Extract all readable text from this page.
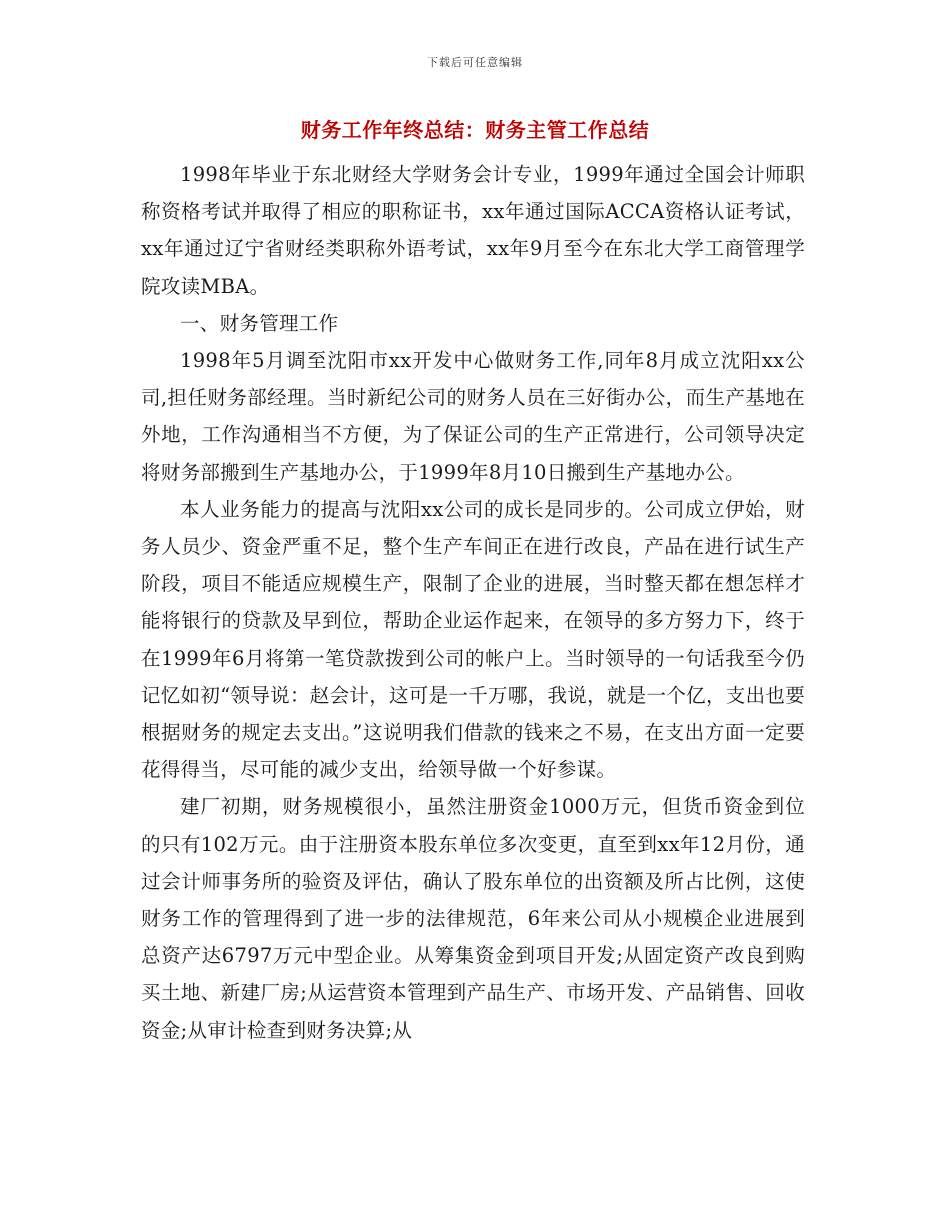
下载后可任意编辑
财务工作年终总结：财务主管工作总结

1998年毕业于东北财经大学财务会计专业，1999年通过全国会计师职称资格考试并取得了相应的职称证书，xx年通过国际ACCA资格认证考试，xx年通过辽宁省财经类职称外语考试，xx年9月至今在东北大学工商管理学院攻读MBA。

一、财务管理工作

1998年5月调至沈阳市xx开发中心做财务工作,同年8月成立沈阳xx公司,担任财务部经理。当时新纪公司的财务人员在三好街办公，而生产基地在外地，工作沟通相当不方便，为了保证公司的生产正常进行，公司领导决定将财务部搬到生产基地办公，于1999年8月10日搬到生产基地办公。

本人业务能力的提高与沈阳xx公司的成长是同步的。公司成立伊始，财务人员少、资金严重不足，整个生产车间正在进行改良，产品在进行试生产阶段，项目不能适应规模生产，限制了企业的进展，当时整天都在想怎样才能将银行的贷款及早到位，帮助企业运作起来，在领导的多方努力下，终于在1999年6月将第一笔贷款拨到公司的帐户上。当时领导的一句话我至今仍记忆如初“领导说：赵会计，这可是一千万哪，我说，就是一个亿，支出也要根据财务的规定去支出。”这说明我们借款的钱来之不易，在支出方面一定要花得得当，尽可能的减少支出，给领导做一个好参谋。

建厂初期，财务规模很小，虽然注册资金1000万元，但货币资金到位的只有102万元。由于注册资本股东单位多次变更，直至到xx年12月份，通过会计师事务所的验资及评估，确认了股东单位的出资额及所占比例，这使财务工作的管理得到了进一步的法律规范，6年来公司从小规模企业进展到总资产达6797万元中型企业。从筹集资金到项目开发;从固定资产改良到购买土地、新建厂房;从运营资本管理到产品生产、市场开发、产品销售、回收资金;从审计检查到财务决算;从
